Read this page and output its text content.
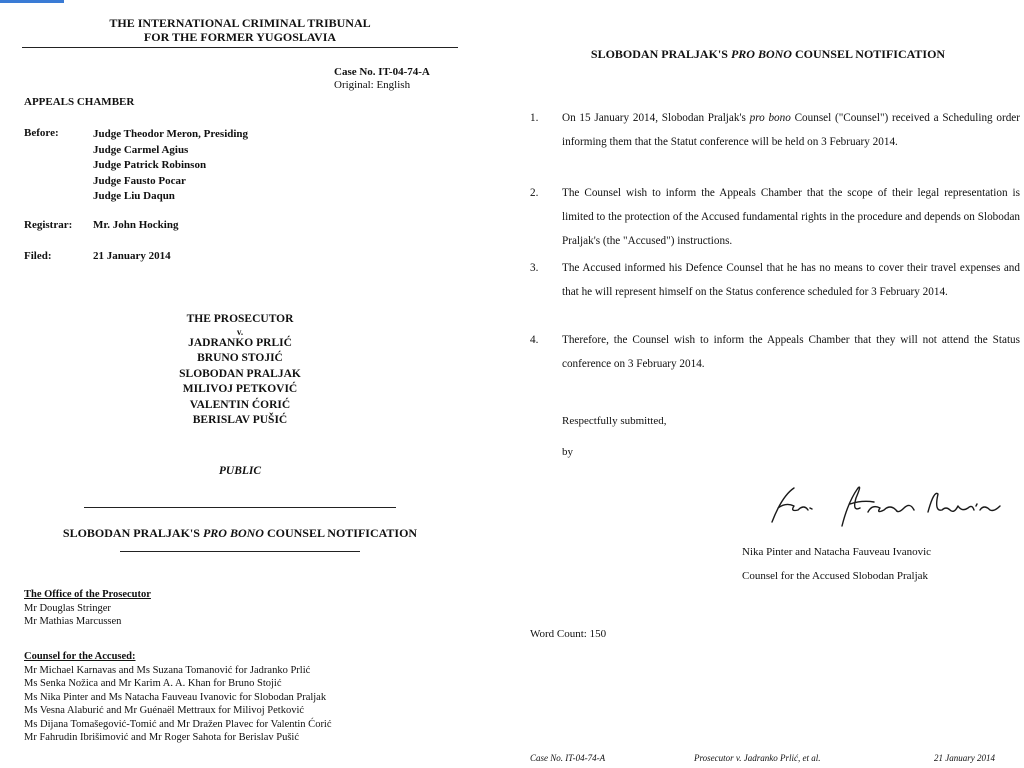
THE INTERNATIONAL CRIMINAL TRIBUNAL
FOR THE FORMER YUGOSLAVIA
Case No. IT-04-74-A
Original: English
APPEALS CHAMBER
Before:	Judge Theodor Meron, Presiding
Judge Carmel Agius
Judge Patrick Robinson
Judge Fausto Pocar
Judge Liu Daqun
Registrar: Mr. John Hocking
Filed:	21 January 2014
THE PROSECUTOR
v.
JADRANKO PRLIĆ
BRUNO STOJIĆ
SLOBODAN PRALJAK
MILIVOJ PETKOVIĆ
VALENTIN ĆORIĆ
BERISLAV PUŠIĆ
PUBLIC
SLOBODAN PRALJAK'S PRO BONO COUNSEL NOTIFICATION
The Office of the Prosecutor
Mr Douglas Stringer
Mr Mathias Marcussen
Counsel for the Accused:
Mr Michael Karnavas and Ms Suzana Tomanović for Jadranko Prlić
Ms Senka Nožica and Mr Karim A. A. Khan for Bruno Stojić
Ms Nika Pinter and Ms Natacha Fauveau Ivanovic for Slobodan Praljak
Ms Vesna Alaburić and Mr Guénaël Mettraux for Milivoj Petković
Ms Dijana Tomašegović-Tomić and Mr Dražen Plavec for Valentin Ćorić
Mr Fahrudin Ibrišimović and Mr Roger Sahota for Berislav Pušić
SLOBODAN PRALJAK'S PRO BONO COUNSEL NOTIFICATION
1. On 15 January 2014, Slobodan Praljak's pro bono Counsel ("Counsel") received a Scheduling order informing them that the Statut conference will be held on 3 February 2014.
2. The Counsel wish to inform the Appeals Chamber that the scope of their legal representation is limited to the protection of the Accused fundamental rights in the procedure and depends on Slobodan Praljak's (the "Accused") instructions.
3. The Accused informed his Defence Counsel that he has no means to cover their travel expenses and that he will represent himself on the Status conference scheduled for 3 February 2014.
4. Therefore, the Counsel wish to inform the Appeals Chamber that they will not attend the Status conference on 3 February 2014.
Respectfully submitted,
by
Nika Pinter and Natacha Fauveau Ivanovic
Counsel for the Accused Slobodan Praljak
Word Count: 150
Case No. IT-04-74-A	Prosecutor v. Jadranko Prlić, et al.	21 January 2014
